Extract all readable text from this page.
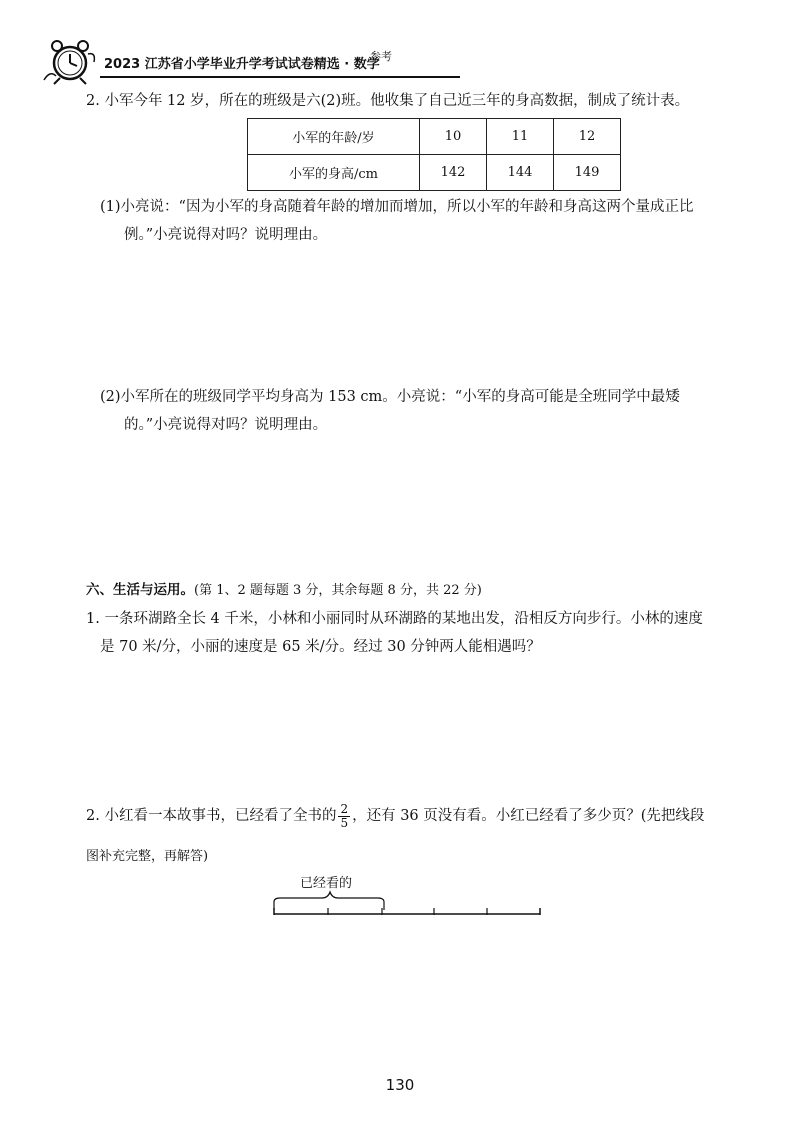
2023 江苏省小学毕业升学考试试卷精选 · 数学
参考
2. 小军今年 12 岁，所在的班级是六(2)班。他收集了自己近三年的身高数据，制成了统计表。
小军的年龄/岁	10	11	12
小军的身高/cm	142	144	149
(1)小亮说：“因为小军的身高随着年龄的增加而增加，所以小军的年龄和身高这两个量成正比
例。”小亮说得对吗？说明理由。
(2)小军所在的班级同学平均身高为 153 cm。小亮说：“小军的身高可能是全班同学中最矮
的。”小亮说得对吗？说明理由。
六、生活与运用。(第 1、2 题每题 3 分，其余每题 8 分，共 22 分)
1. 一条环湖路全长 4 千米，小林和小丽同时从环湖路的某地出发，沿相反方向步行。小林的速度
是 70 米/分，小丽的速度是 65 米/分。经过 30 分钟两人能相遇吗？
2. 小红看一本故事书，已经看了全书的 $\frac{2}{5}$ ，还有 36 页没有看。小红已经看了多少页？(先把线段
图补充完整，再解答)
已经看的
130
